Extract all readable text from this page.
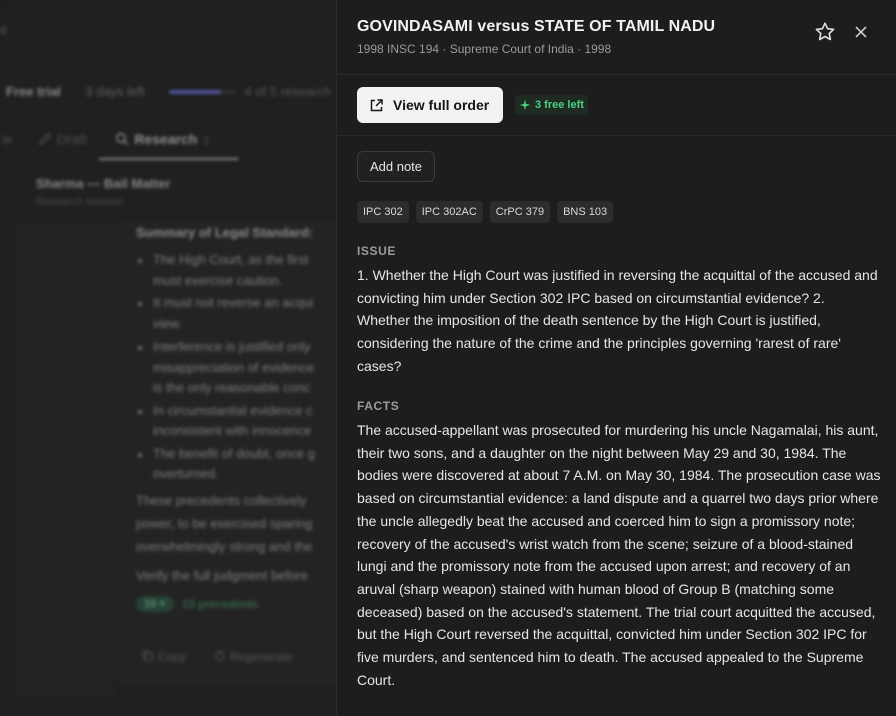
e
Free trial · 3 days left	4 of 5 research
w	Draft	Research 1
Sharma — Bail Matter
Research session
Summary of Legal Standard:
The High Court, as the first
must exercise caution.
It must not reverse an acqui
view.
Interference is justified only
misappreciation of evidence
is the only reasonable conc
In circumstantial evidence c
inconsistent with innocence
The benefit of doubt, once g
overturned.
These precedents collectively
power, to be exercised sparing
overwhelmingly strong and the
Verify the full judgment before
10 ×	10 precedents
Copy	Regenerate
GOVINDASAMI versus STATE OF TAMIL NADU
1998 INSC 194 · Supreme Court of India · 1998
View full order	3 free left
Add note
IPC 302	IPC 302AC	CrPC 379	BNS 103
ISSUE
1. Whether the High Court was justified in reversing the acquittal of the accused and convicting him under Section 302 IPC based on circumstantial evidence? 2. Whether the imposition of the death sentence by the High Court is justified, considering the nature of the crime and the principles governing 'rarest of rare' cases?
FACTS
The accused-appellant was prosecuted for murdering his uncle Nagamalai, his aunt, their two sons, and a daughter on the night between May 29 and 30, 1984. The bodies were discovered at about 7 A.M. on May 30, 1984. The prosecution case was based on circumstantial evidence: a land dispute and a quarrel two days prior where the uncle allegedly beat the accused and coerced him to sign a promissory note; recovery of the accused's wrist watch from the scene; seizure of a blood-stained lungi and the promissory note from the accused upon arrest; and recovery of an aruval (sharp weapon) stained with human blood of Group B (matching some deceased) based on the accused's statement. The trial court acquitted the accused, but the High Court reversed the acquittal, convicted him under Section 302 IPC for five murders, and sentenced him to death. The accused appealed to the Supreme Court.
